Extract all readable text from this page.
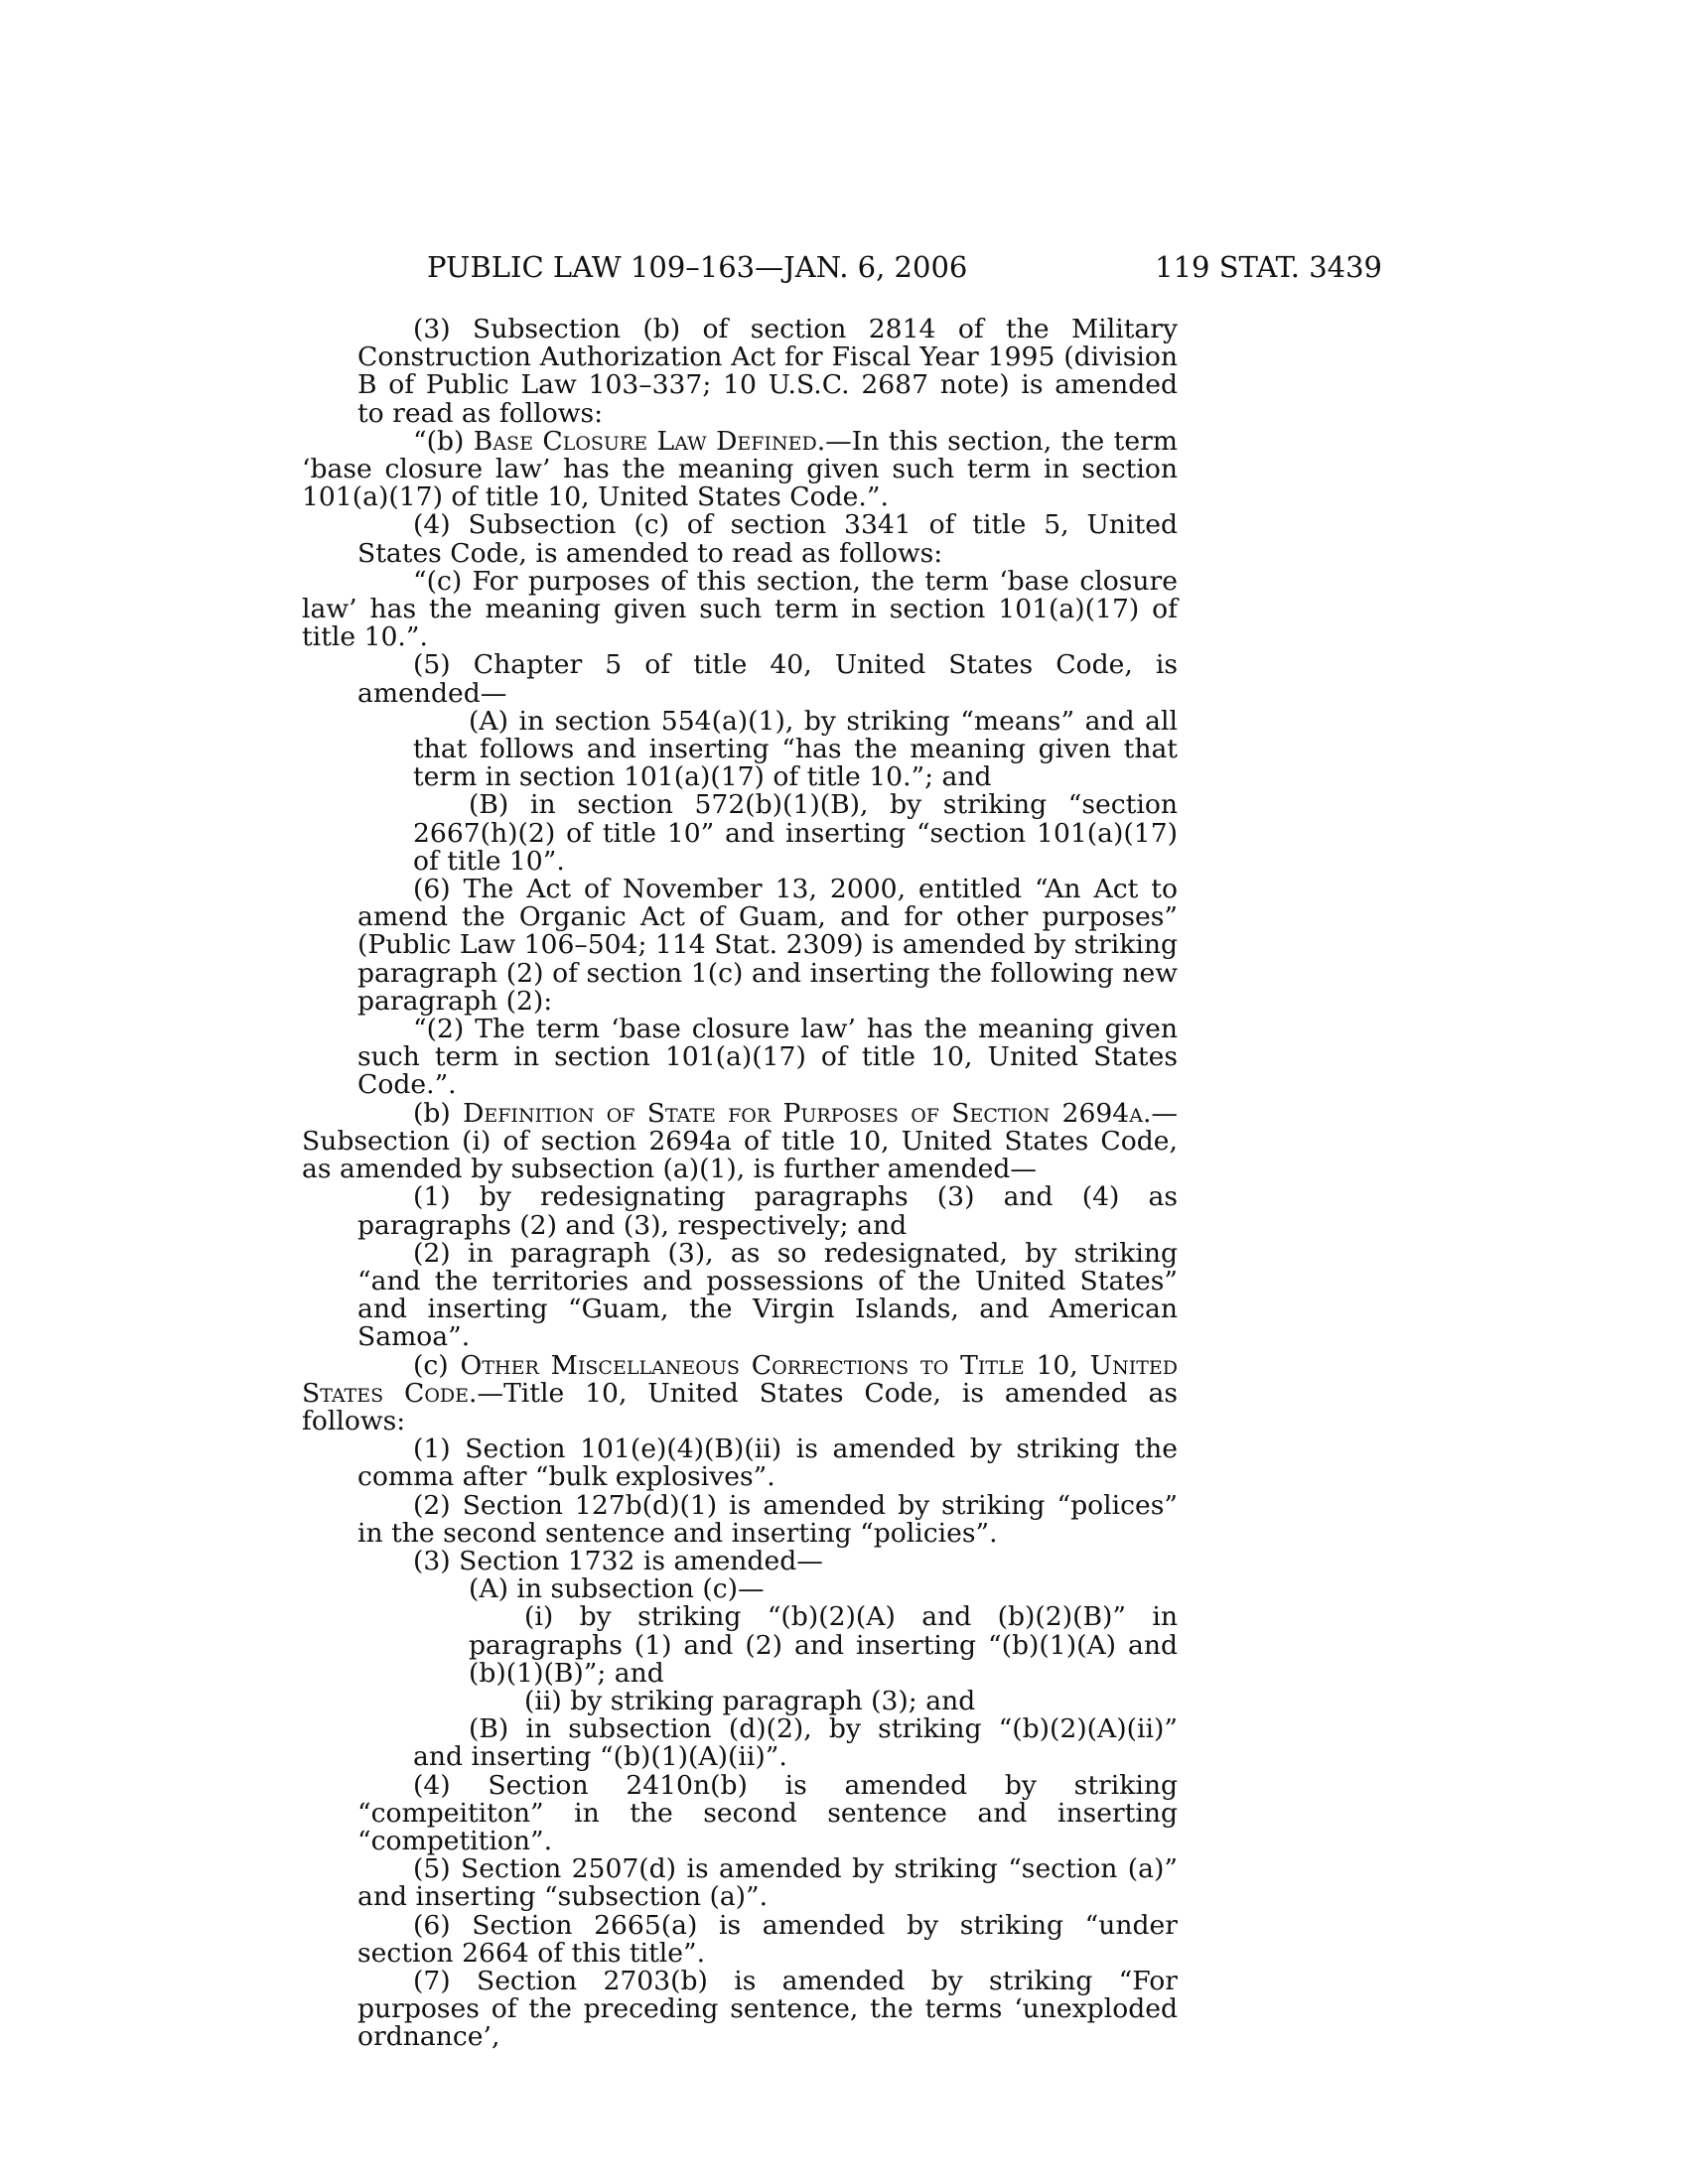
PUBLIC LAW 109–163—JAN. 6, 2006	119 STAT. 3439

(3) Subsection (b) of section 2814 of the Military Construction Authorization Act for Fiscal Year 1995 (division B of Public Law 103–337; 10 U.S.C. 2687 note) is amended to read as follows:

“(b) Base Closure Law Defined.—In this section, the term ‘base closure law’ has the meaning given such term in section 101(a)(17) of title 10, United States Code.”.

(4) Subsection (c) of section 3341 of title 5, United States Code, is amended to read as follows:

“(c) For purposes of this section, the term ‘base closure law’ has the meaning given such term in section 101(a)(17) of title 10.”.

(5) Chapter 5 of title 40, United States Code, is amended—

(A) in section 554(a)(1), by striking “means” and all that follows and inserting “has the meaning given that term in section 101(a)(17) of title 10.”; and

(B) in section 572(b)(1)(B), by striking “section 2667(h)(2) of title 10” and inserting “section 101(a)(17) of title 10”.

(6) The Act of November 13, 2000, entitled “An Act to amend the Organic Act of Guam, and for other purposes” (Public Law 106–504; 114 Stat. 2309) is amended by striking paragraph (2) of section 1(c) and inserting the following new paragraph (2):

“(2) The term ‘base closure law’ has the meaning given such term in section 101(a)(17) of title 10, United States Code.”.

(b) Definition of State for Purposes of Section 2694a.— Subsection (i) of section 2694a of title 10, United States Code, as amended by subsection (a)(1), is further amended—

(1) by redesignating paragraphs (3) and (4) as paragraphs (2) and (3), respectively; and

(2) in paragraph (3), as so redesignated, by striking “and the territories and possessions of the United States” and inserting “Guam, the Virgin Islands, and American Samoa”.

(c) Other Miscellaneous Corrections to Title 10, United States Code.—Title 10, United States Code, is amended as follows:

(1) Section 101(e)(4)(B)(ii) is amended by striking the comma after “bulk explosives”.

(2) Section 127b(d)(1) is amended by striking “polices” in the second sentence and inserting “policies”.

(3) Section 1732 is amended—

(A) in subsection (c)—

(i) by striking “(b)(2)(A) and (b)(2)(B)” in paragraphs (1) and (2) and inserting “(b)(1)(A) and (b)(1)(B)”; and

(ii) by striking paragraph (3); and

(B) in subsection (d)(2), by striking “(b)(2)(A)(ii)” and inserting “(b)(1)(A)(ii)”.

(4) Section 2410n(b) is amended by striking “compeititon” in the second sentence and inserting “competition”.

(5) Section 2507(d) is amended by striking “section (a)” and inserting “subsection (a)”.

(6) Section 2665(a) is amended by striking “under section 2664 of this title”.

(7) Section 2703(b) is amended by striking “For purposes of the preceding sentence, the terms ‘unexploded ordnance’,
